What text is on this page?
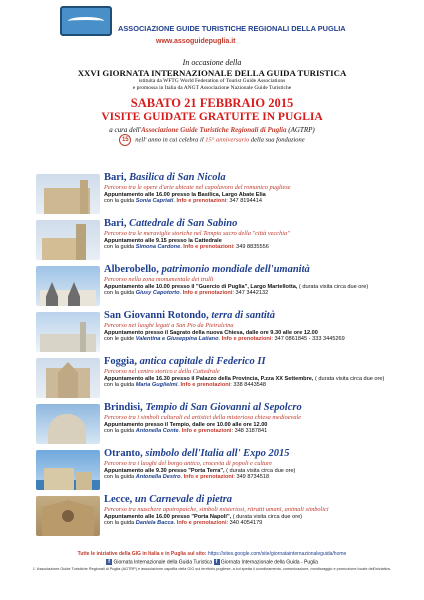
ASSOCIAZIONE GUIDE TURISTICHE REGIONALI DELLA PUGLIA
www.assoguidepuglia.it
In occasione della
XXVI GIORNATA INTERNAZIONALE DELLA GUIDA TURISTICA
istituita da WFTG World Federation of Tourist Guide Associations
e promossa in Italia da ANGT Associazione Nazionale Guide Turistiche
SABATO 21 FEBBRAIO 2015
VISITE GUIDATE GRATUITE IN PUGLIA
a cura dell'Associazione Guide Turistiche Regionali di Puglia (AGTRP)
15 nell' anno in cui celebra il 15° anniversario della sua fondazione
Bari, Basilica di San Nicola
Percorso tra le opere d'arte ubicate nel capolavoro del romanico pugliese
Appuntamento alle 16.00 presso la Basilica, Largo Abate Elia
con la guida Sonia Capriati. Info e prenotazioni: 347 8194414
Bari, Cattedrale di San Sabino
Percorso tra le meraviglie storiche nel Tempio sacro della "città vecchia"
Appuntamento alle 9.15 presso la Cattedrale
con la guida Simona Cardone. Info e prenotazioni: 349 8835556
Alberobello, patrimonio mondiale dell'umanità
Percorso nella zona monumentale dei trulli
Appuntamento alle 10.00 presso il "Guercio di Puglia", Largo Martellotta, ( durata visita circa due ore)
con la guida Giusy Capotorto. Info e prenotazioni: 347 3442132
San Giovanni Rotondo, terra di santità
Percorso nei luoghi legati a San Pio da Pietralcina
Appuntamento presso il Sagrato della nuova Chiesa, dalle ore 9.30 alle ore 12.00
con le guide Valentina e Giuseppina Latiano. Info e prenotazioni: 347 0861845 - 333 3445269
Foggia, antica capitale di Federico II
Percorso nel centro storico e della Cattedrale
Appuntamento alle 16.30 presso il Palazzo della Provincia, P.zza XX Settembre, ( durata visita circa due ore)
con la guida Maria Guglielmi. Info e prenotazioni: 338 8443548
Brindisi, Tempio di San Giovanni al Sepolcro
Percorso tra i simboli culturali ed artistici della misteriosa chiesa medioevale
Appuntamento presso il Tempio, dalle ore 10.00 alle ore 12.00
con la guida Antonella Conte. Info e prenotazioni: 348 3187841
Otranto, simbolo dell'Italia all' Expo 2015
Percorso tra i luoghi del borgo antico, crocevia di popoli e culture
Appuntamento alle 9.30 presso "Porta Terra", ( durata visita circa due ore)
con la guida Antonella Destro. Info e prenotazioni: 349 8734518
Lecce, un Carnevale di pietra
Percorso tra maschere apotropaiche, simboli misteriosi, ritratti umani, animali simbolici
Appuntamento alle 16.00 presso "Porta Napoli", ( durata visita circa due ore)
con la guida Daniela Bacca. Info e prenotazioni: 340 4054179
Tutte le iniziative della GIG in Italia e in Puglia sul sito: https://sites.google.com/site/giornatainternazionaleguida/home
f Giornata Internazionale della Guida Turistica f Giornata Internazionale della Guida - Puglia
L' Associazione Guide Turistiche Regionali di Puglia (AGTRP) è associazione capofila della GIG sul territorio pugliese, a cui spetta il coordinamento, comunicazione, monitoraggio e promozione locale dell'iniziativa.
